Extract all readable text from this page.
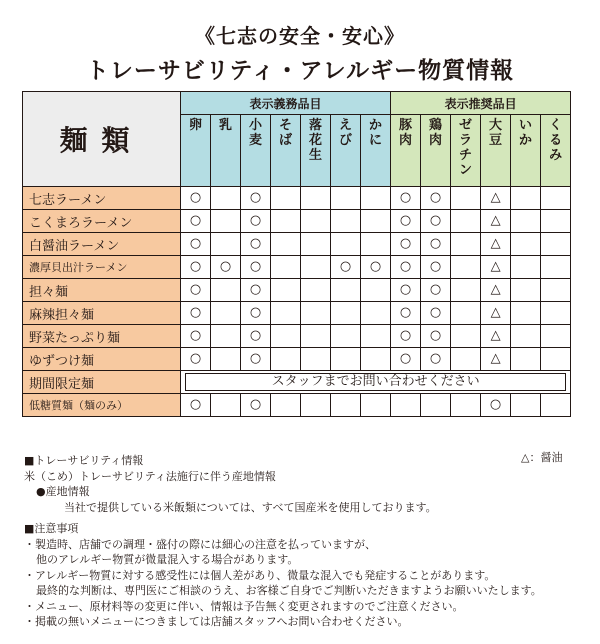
《七志の安全・安心》
トレーサビリティ・アレルギー物質情報
麺類	表示義務品目							表示推奨品目					
	卵	乳	小麦	そば	落花生	えび	かに	豚肉	鶏肉	ゼラチン	大豆	いか	くるみ
七志ラーメン	○		○					○	○		△		
こくまろラーメン	○		○					○	○		△		
白醤油ラーメン	○		○					○	○		△		
濃厚貝出汁ラーメン	○	○	○			○	○	○	○		△		
担々麺	○		○					○	○		△		
麻辣担々麺	○		○					○	○		△		
野菜たっぷり麺	○		○					○	○		△		
ゆずつけ麺	○		○					○	○		△		
期間限定麺	スタッフまでお問い合わせください												

低糖質麺（麺のみ）	○		○								○		
△：醤油
■トレーサビリティ情報
米（こめ）トレーサビリティ法施行に伴う産地情報
●産地情報
当社で提供している米飯類については、すべて国産米を使用しております。
■注意事項
・製造時、店舗での調理・盛付の際には細心の注意を払っていますが、
他のアレルギー物質が微量混入する場合があります。
・アレルギー物質に対する感受性には個人差があり、微量な混入でも発症することがあります。
最終的な判断は、専門医にご相談のうえ、お客様ご自身でご判断いただきますようお願いいたします。
・メニュー、原材料等の変更に伴い、情報は予告無く変更されますのでご注意ください。
・掲載の無いメニューにつきましては店舗スタッフへお問い合わせください。
